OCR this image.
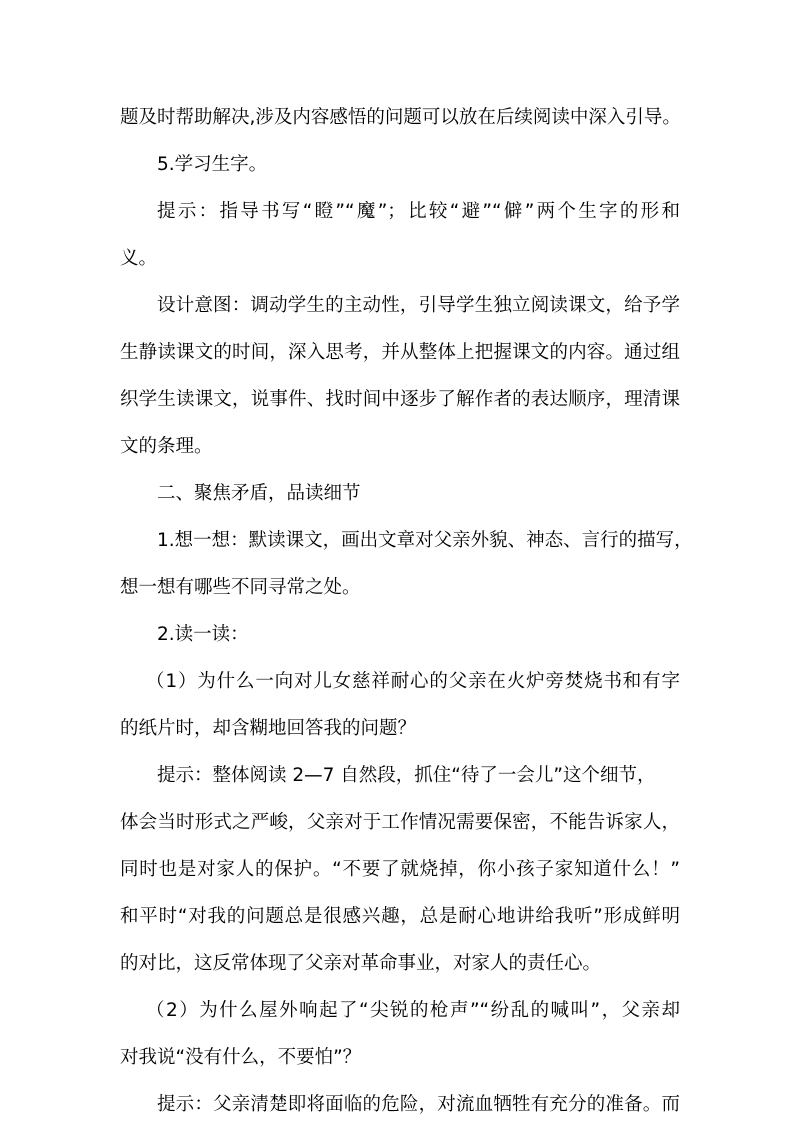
题及时帮助解决,涉及内容感悟的问题可以放在后续阅读中深入引导。
5.学习生字。
提示：指导书写“瞪”“魔”；比较“避”“僻”两个生字的形和
义。
设计意图：调动学生的主动性，引导学生独立阅读课文，给予学
生静读课文的时间，深入思考，并从整体上把握课文的内容。通过组
织学生读课文，说事件、找时间中逐步了解作者的表达顺序，理清课
文的条理。
二、聚焦矛盾，品读细节
1.想一想：默读课文，画出文章对父亲外貌、神态、言行的描写，
想一想有哪些不同寻常之处。
2.读一读：
（1）为什么一向对儿女慈祥耐心的父亲在火炉旁焚烧书和有字
的纸片时，却含糊地回答我的问题？
提示：整体阅读 2—7 自然段，抓住“待了一会儿”这个细节，
体会当时形式之严峻，父亲对于工作情况需要保密，不能告诉家人，
同时也是对家人的保护。“不要了就烧掉，你小孩子家知道什么！”
和平时“对我的问题总是很感兴趣，总是耐心地讲给我听”形成鲜明
的对比，这反常体现了父亲对革命事业，对家人的责任心。
（2）为什么屋外响起了“尖锐的枪声”“纷乱的喊叫”，父亲却
对我说“没有什么，不要怕”？
提示：父亲清楚即将面临的危险，对流血牺牲有充分的准备。而
